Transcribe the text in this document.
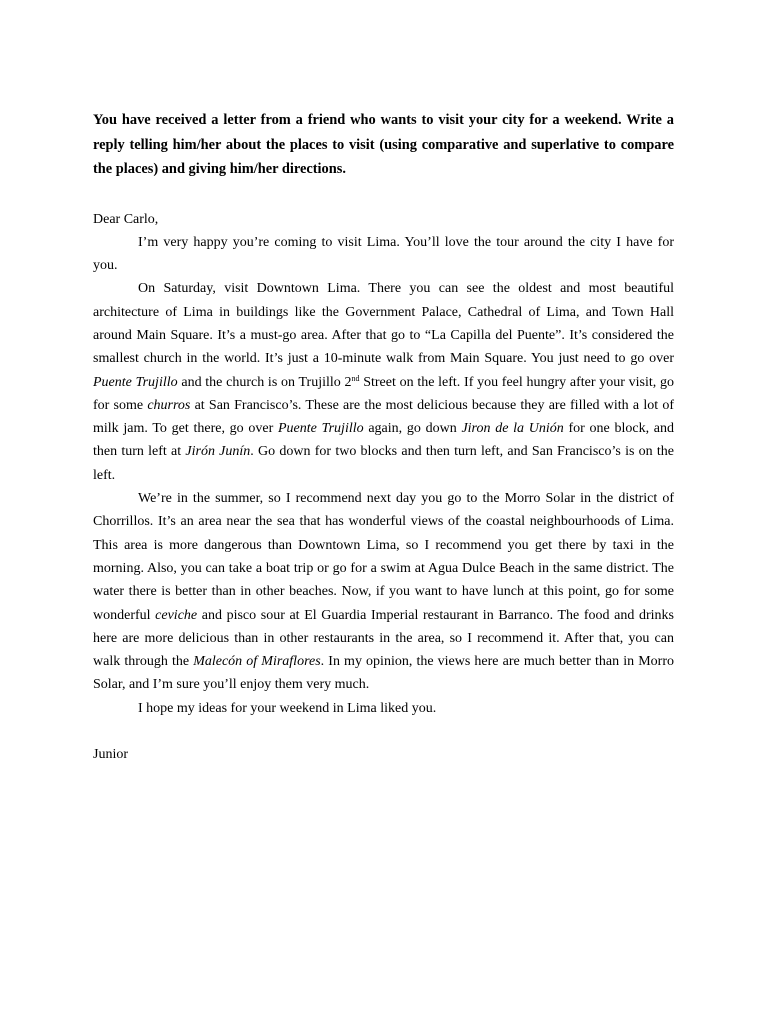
You have received a letter from a friend who wants to visit your city for a weekend. Write a reply telling him/her about the places to visit (using comparative and superlative to compare the places) and giving him/her directions.

Dear Carlo,

I’m very happy you’re coming to visit Lima. You’ll love the tour around the city I have for you.

On Saturday, visit Downtown Lima. There you can see the oldest and most beautiful architecture of Lima in buildings like the Government Palace, Cathedral of Lima, and Town Hall around Main Square. It’s a must-go area. After that go to “La Capilla del Puente”. It’s considered the smallest church in the world. It’s just a 10-minute walk from Main Square. You just need to go over Puente Trujillo and the church is on Trujillo 2nd Street on the left. If you feel hungry after your visit, go for some churros at San Francisco’s. These are the most delicious because they are filled with a lot of milk jam. To get there, go over Puente Trujillo again, go down Jiron de la Unión for one block, and then turn left at Jirón Junín. Go down for two blocks and then turn left, and San Francisco’s is on the left.

We’re in the summer, so I recommend next day you go to the Morro Solar in the district of Chorrillos. It’s an area near the sea that has wonderful views of the coastal neighbourhoods of Lima. This area is more dangerous than Downtown Lima, so I recommend you get there by taxi in the morning. Also, you can take a boat trip or go for a swim at Agua Dulce Beach in the same district. The water there is better than in other beaches. Now, if you want to have lunch at this point, go for some wonderful ceviche and pisco sour at El Guardia Imperial restaurant in Barranco. The food and drinks here are more delicious than in other restaurants in the area, so I recommend it. After that, you can walk through the Malecón of Miraflores. In my opinion, the views here are much better than in Morro Solar, and I’m sure you’ll enjoy them very much.

I hope my ideas for your weekend in Lima liked you.

Junior
